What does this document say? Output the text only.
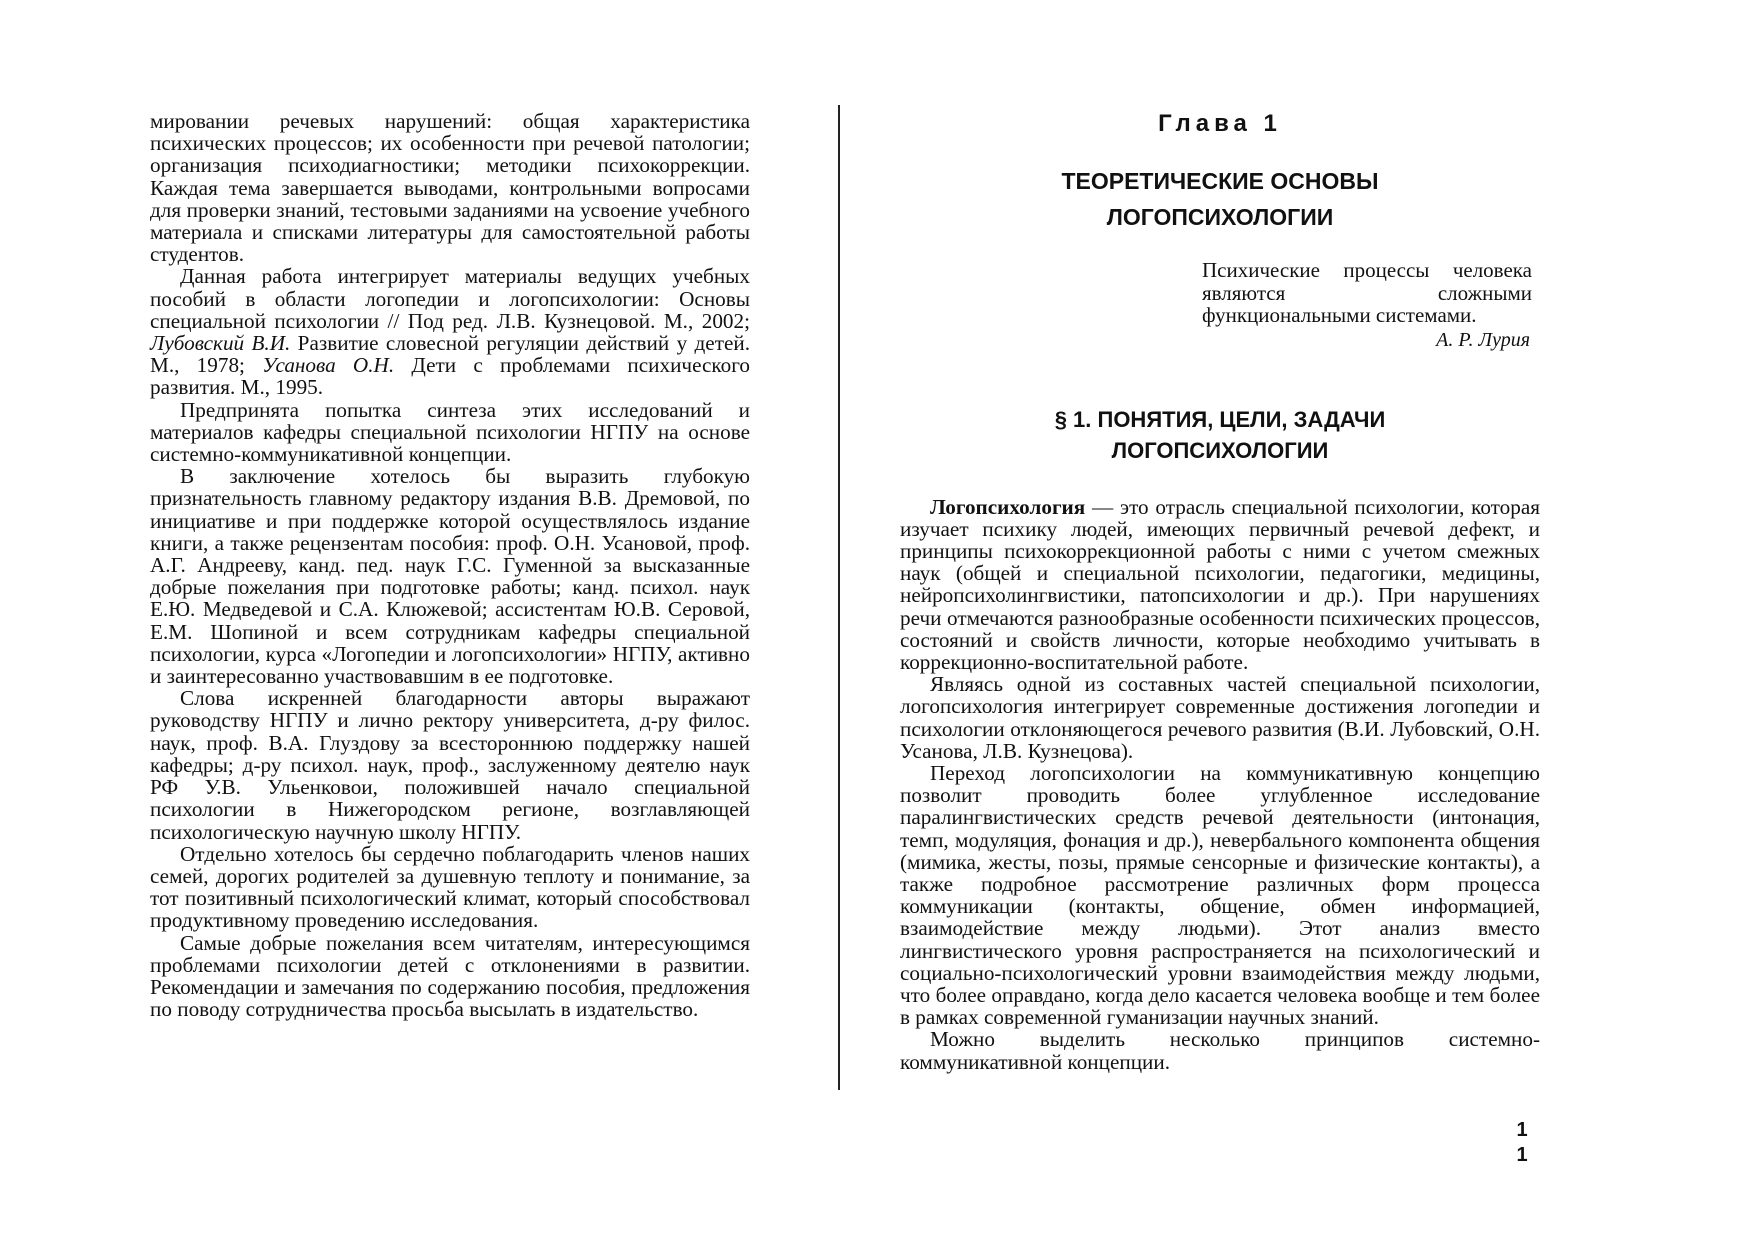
мировании речевых нарушений: общая характеристика психических процессов; их особенности при речевой патологии; организация психодиагностики; методики психокоррекции. Каждая тема завершается выводами, контрольными вопросами для проверки знаний, тестовыми заданиями на усвоение учебного материала и списками литературы для самостоятельной работы студентов.

Данная работа интегрирует материалы ведущих учебных пособий в области логопедии и логопсихологии: Основы специальной психологии // Под ред. Л.В. Кузнецовой. М., 2002; Лубовский В.И. Развитие словесной регуляции действий у детей. М., 1978; Усанова О.Н. Дети с проблемами психического развития. М., 1995.

Предпринята попытка синтеза этих исследований и материалов кафедры специальной психологии НГПУ на основе системно-коммуникативной концепции.

В заключение хотелось бы выразить глубокую признательность главному редактору издания В.В. Дремовой, по инициативе и при поддержке которой осуществлялось издание книги, а также рецензентам пособия: проф. О.Н. Усановой, проф. А.Г. Андрееву, канд. пед. наук Г.С. Гуменной за высказанные добрые пожелания при подготовке работы; канд. психол. наук Е.Ю. Медведевой и С.А. Клюжевой; ассистентам Ю.В. Серовой, Е.М. Шопиной и всем сотрудникам кафедры специальной психологии, курса «Логопедии и логопсихологии» НГПУ, активно и заинтересованно участвовавшим в ее подготовке.

Слова искренней благодарности авторы выражают руководству НГПУ и лично ректору университета, д-ру филос. наук, проф. В.А. Глуздову за всестороннюю поддержку нашей кафедры; д-ру психол. наук, проф., заслуженному деятелю наук РФ У.В. Ульенковои, положившей начало специальной психологии в Нижегородском регионе, возглавляющей психологическую научную школу НГПУ.

Отдельно хотелось бы сердечно поблагодарить членов наших семей, дорогих родителей за душевную теплоту и понимание, за тот позитивный психологический климат, который способствовал продуктивному проведению исследования.

Самые добрые пожелания всем читателям, интересующимся проблемами психологии детей с отклонениями в развитии. Рекомендации и замечания по содержанию пособия, предложения по поводу сотрудничества просьба высылать в издательство.

Глава 1
ТЕОРЕТИЧЕСКИЕ ОСНОВЫ
ЛОГОПСИХОЛОГИИ
Психические процессы человека являются сложными функциональными системами.
А. Р. Лурия
§ 1. ПОНЯТИЯ, ЦЕЛИ, ЗАДАЧИ
ЛОГОПСИХОЛОГИИ

Логопсихология — это отрасль специальной психологии, которая изучает психику людей, имеющих первичный речевой дефект, и принципы психокоррекционной работы с ними с учетом смежных наук (общей и специальной психологии, педагогики, медицины, нейропсихолингвистики, патопсихологии и др.). При нарушениях речи отмечаются разнообразные особенности психических процессов, состояний и свойств личности, которые необходимо учитывать в коррекционно-воспитательной работе.

Являясь одной из составных частей специальной психологии, логопсихология интегрирует современные достижения логопедии и психологии отклоняющегося речевого развития (В.И. Лубовский, О.Н. Усанова, Л.В. Кузнецова).

Переход логопсихологии на коммуникативную концепцию позволит проводить более углубленное исследование паралингвистических средств речевой деятельности (интонация, темп, модуляция, фонация и др.), невербального компонента общения (мимика, жесты, позы, прямые сенсорные и физические контакты), а также подробное рассмотрение различных форм процесса коммуникации (контакты, общение, обмен информацией, взаимодействие между людьми). Этот анализ вместо лингвистического уровня распространяется на психологический и социально-психологический уровни взаимодействия между людьми, что более оправдано, когда дело касается человека вообще и тем более в рамках современной гуманизации научных знаний.

Можно выделить несколько принципов системно-коммуникативной концепции.

1
1
